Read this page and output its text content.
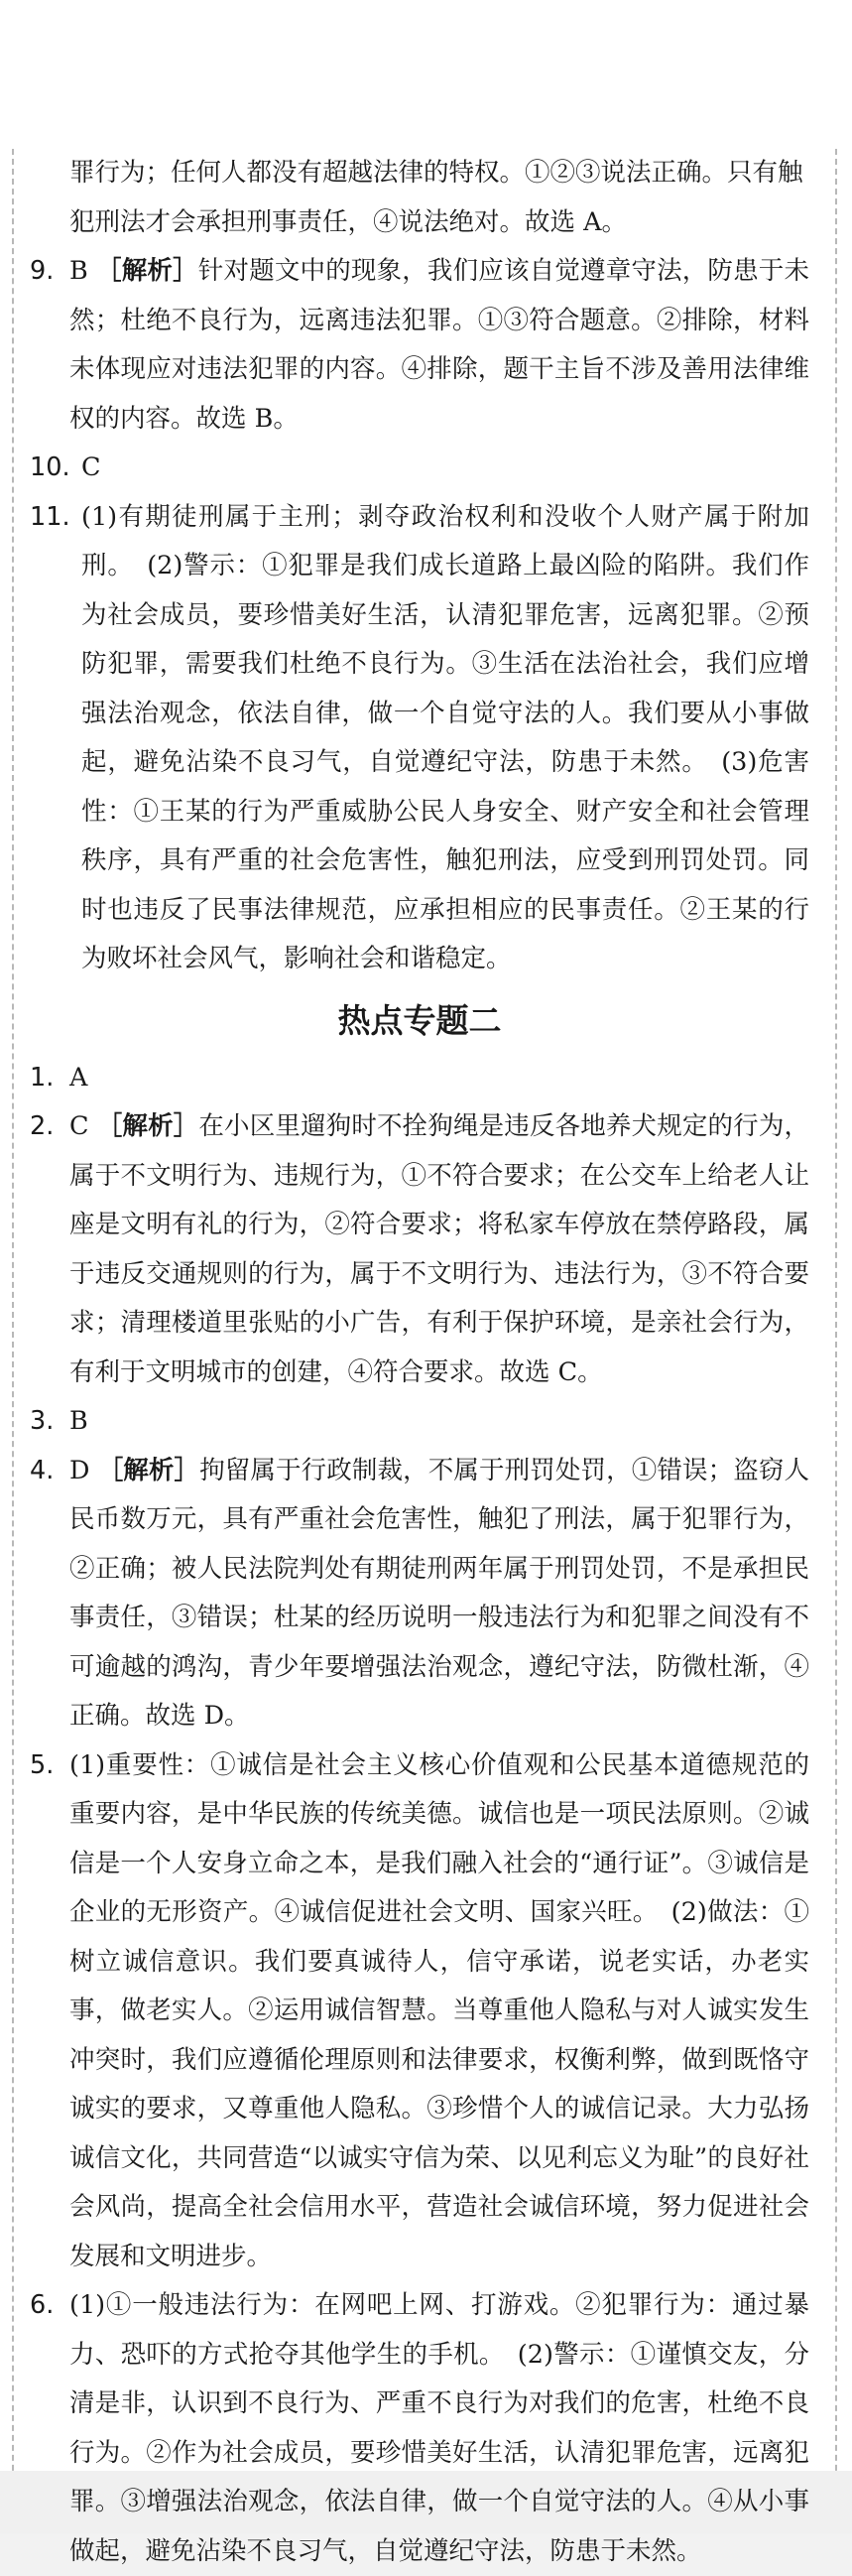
罪行为；任何人都没有超越法律的特权。①②③说法正确。只有触犯刑法才会承担刑事责任，④说法绝对。故选 A。

9. B ［解析］针对题文中的现象，我们应该自觉遵章守法，防患于未然；杜绝不良行为，远离违法犯罪。①③符合题意。②排除，材料未体现应对违法犯罪的内容。④排除，题干主旨不涉及善用法律维权的内容。故选 B。

10. C

11. (1)有期徒刑属于主刑；剥夺政治权利和没收个人财产属于附加刑。　(2)警示：①犯罪是我们成长道路上最凶险的陷阱。我们作为社会成员，要珍惜美好生活，认清犯罪危害，远离犯罪。②预防犯罪，需要我们杜绝不良行为。③生活在法治社会，我们应增强法治观念，依法自律，做一个自觉守法的人。我们要从小事做起，避免沾染不良习气，自觉遵纪守法，防患于未然。　(3)危害性：①王某的行为严重威胁公民人身安全、财产安全和社会管理秩序，具有严重的社会危害性，触犯刑法，应受到刑罚处罚。同时也违反了民事法律规范，应承担相应的民事责任。②王某的行为败坏社会风气，影响社会和谐稳定。

热点专题二
1. A

2. C ［解析］在小区里遛狗时不拴狗绳是违反各地养犬规定的行为，属于不文明行为、违规行为，①不符合要求；在公交车上给老人让座是文明有礼的行为，②符合要求；将私家车停放在禁停路段，属于违反交通规则的行为，属于不文明行为、违法行为，③不符合要求；清理楼道里张贴的小广告，有利于保护环境，是亲社会行为，有利于文明城市的创建，④符合要求。故选 C。

3. B

4. D ［解析］拘留属于行政制裁，不属于刑罚处罚，①错误；盗窃人民币数万元，具有严重社会危害性，触犯了刑法，属于犯罪行为，②正确；被人民法院判处有期徒刑两年属于刑罚处罚，不是承担民事责任，③错误；杜某的经历说明一般违法行为和犯罪之间没有不可逾越的鸿沟，青少年要增强法治观念，遵纪守法，防微杜渐，④正确。故选 D。

5. (1)重要性：①诚信是社会主义核心价值观和公民基本道德规范的重要内容，是中华民族的传统美德。诚信也是一项民法原则。②诚信是一个人安身立命之本，是我们融入社会的“通行证”。③诚信是企业的无形资产。④诚信促进社会文明、国家兴旺。　(2)做法：①树立诚信意识。我们要真诚待人，信守承诺，说老实话，办老实事，做老实人。②运用诚信智慧。当尊重他人隐私与对人诚实发生冲突时，我们应遵循伦理原则和法律要求，权衡利弊，做到既恪守诚实的要求，又尊重他人隐私。③珍惜个人的诚信记录。大力弘扬诚信文化，共同营造“以诚实守信为荣、以见利忘义为耻”的良好社会风尚，提高全社会信用水平，营造社会诚信环境，努力促进社会发展和文明进步。

6. (1)①一般违法行为：在网吧上网、打游戏。②犯罪行为：通过暴力、恐吓的方式抢夺其他学生的手机。　(2)警示：①谨慎交友，分清是非，认识到不良行为、严重不良行为对我们的危害，杜绝不良行为。②作为社会成员，要珍惜美好生活，认清犯罪危害，远离犯罪。③增强法治观念，依法自律，做一个自觉守法的人。④从小事做起，避免沾染不良习气，自觉遵纪守法，防患于未然。
